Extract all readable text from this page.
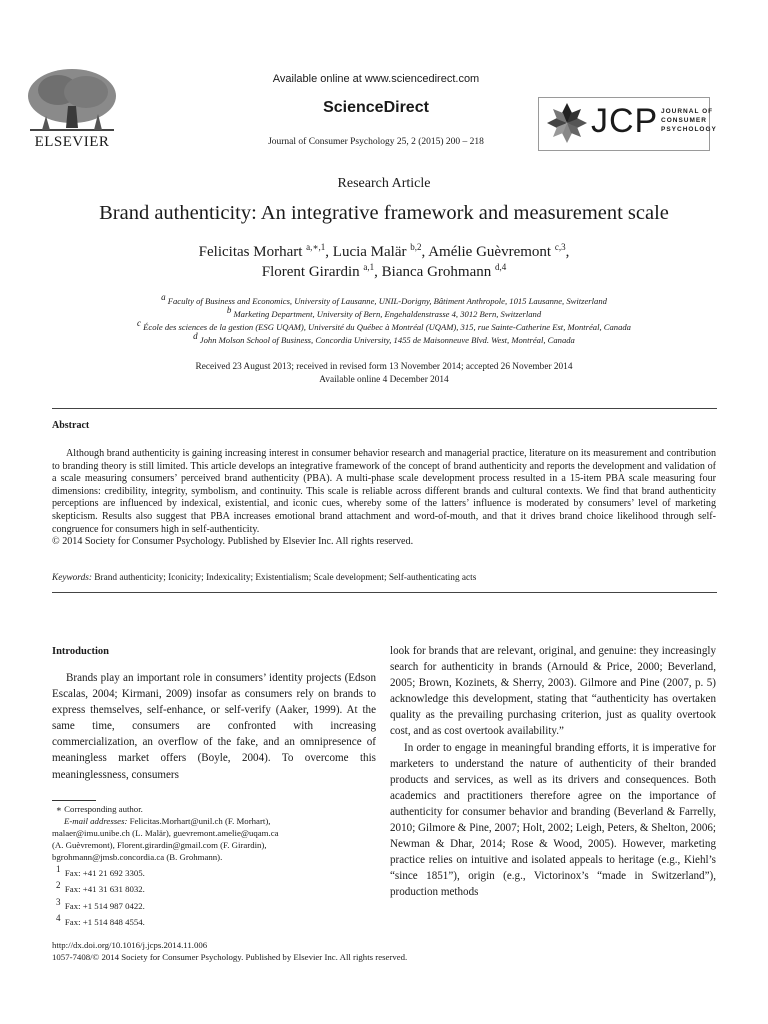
ELSEVIER
Available online at www.sciencedirect.com
ScienceDirect
Journal of Consumer Psychology 25, 2 (2015) 200 – 218
JCP JOURNAL OF
CONSUMER
PSYCHOLOGY
Research Article
Brand authenticity: An integrative framework and measurement scale
Felicitas Morhart $^{a,∗,1}$, Lucia Malär $^{b,2}$, Amélie Guèvremont $^{c,3}$,
Florent Girardin $^{a,1}$, Bianca Grohmann $^{d,4}$
$^a$ Faculty of Business and Economics, University of Lausanne, UNIL-Dorigny, Bâtiment Anthropole, 1015 Lausanne, Switzerland
$^b$ Marketing Department, University of Bern, Engehaldenstrasse 4, 3012 Bern, Switzerland
$^c$ École des sciences de la gestion (ESG UQAM), Université du Québec à Montréal (UQAM), 315, rue Sainte-Catherine Est, Montréal, Canada
$^d$ John Molson School of Business, Concordia University, 1455 de Maisonneuve Blvd. West, Montréal, Canada
Received 23 August 2013; received in revised form 13 November 2014; accepted 26 November 2014
Available online 4 December 2014
Abstract

Although brand authenticity is gaining increasing interest in consumer behavior research and managerial practice, literature on its measurement and contribution to branding theory is still limited. This article develops an integrative framework of the concept of brand authenticity and reports the development and validation of a scale measuring consumers’ perceived brand authenticity (PBA). A multi-phase scale development process resulted in a 15-item PBA scale measuring four dimensions: credibility, integrity, symbolism, and continuity. This scale is reliable across different brands and cultural contexts. We find that brand authenticity perceptions are influenced by indexical, existential, and iconic cues, whereby some of the latters’ influence is moderated by consumers’ level of marketing skepticism. Results also suggest that PBA increases emotional brand attachment and word-of-mouth, and that it drives brand choice likelihood through self-congruence for consumers high in self-authenticity.

© 2014 Society for Consumer Psychology. Published by Elsevier Inc. All rights reserved.
Keywords: Brand authenticity; Iconicity; Indexicality; Existentialism; Scale development; Self-authenticating acts
Introduction

Brands play an important role in consumers’ identity projects (Edson Escalas, 2004; Kirmani, 2009) insofar as consumers rely on brands to express themselves, self-enhance, or self-verify (Aaker, 1999). At the same time, consumers are confronted with increasing commercialization, an overflow of the fake, and an omnipresence of meaningless market offers (Boyle, 2004). To overcome this meaninglessness, consumers

look for brands that are relevant, original, and genuine: they increasingly search for authenticity in brands (Arnould & Price, 2000; Beverland, 2005; Brown, Kozinets, & Sherry, 2003). Gilmore and Pine (2007, p. 5) acknowledge this development, stating that “authenticity has overtaken quality as the prevailing purchasing criterion, just as quality overtook cost, and as cost overtook availability.”

In order to engage in meaningful branding efforts, it is imperative for marketers to understand the nature of authenticity of their branded products and services, as well as its drivers and consequences. Both academics and practitioners therefore agree on the importance of authenticity for consumer behavior and branding (Beverland & Farrelly, 2010; Gilmore & Pine, 2007; Holt, 2002; Leigh, Peters, & Shelton, 2006; Newman & Dhar, 2014; Rose & Wood, 2005). However, marketing practice relies on intuitive and isolated appeals to heritage (e.g., Kiehl’s “since 1851”), origin (e.g., Victorinox’s “made in Switzerland”), production methods

∗ Corresponding author.
E-mail addresses: Felicitas.Morhart@unil.ch (F. Morhart),
malaer@imu.unibe.ch (L. Malär), guevremont.amelie@uqam.ca
(A. Guèvremont), Florent.girardin@gmail.com (F. Girardin),
bgrohmann@jmsb.concordia.ca (B. Grohmann).
$^1$ Fax: +41 21 692 3305.
$^2$ Fax: +41 31 631 8032.
$^3$ Fax: +1 514 987 0422.
$^4$ Fax: +1 514 848 4554.
http://dx.doi.org/10.1016/j.jcps.2014.11.006
1057-7408/© 2014 Society for Consumer Psychology. Published by Elsevier Inc. All rights reserved.
